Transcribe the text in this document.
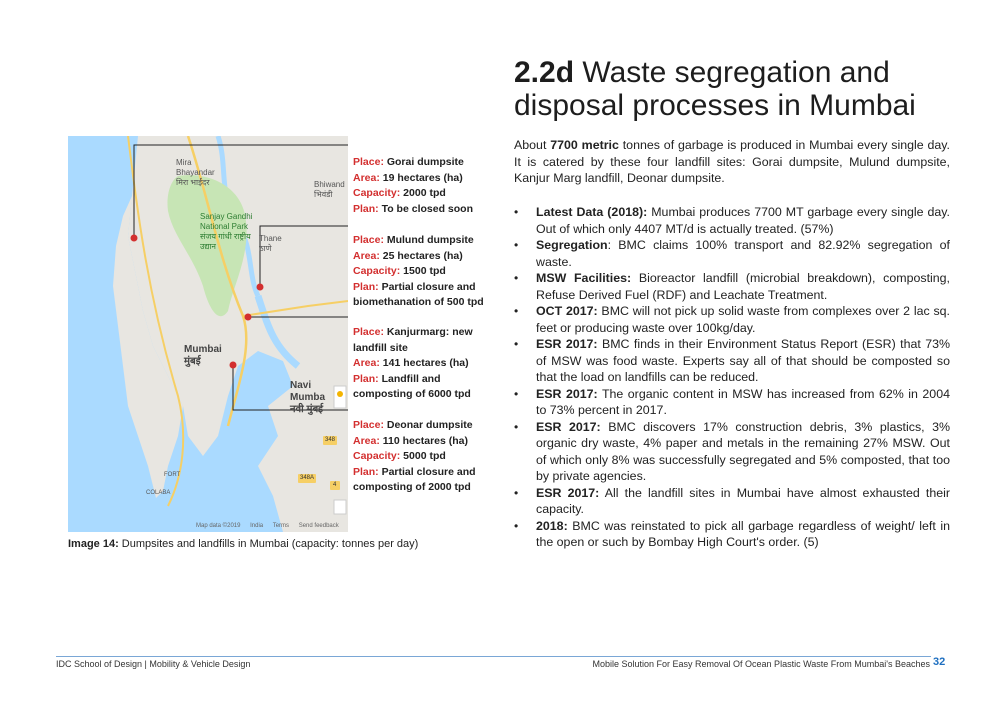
2.2d Waste segregation and disposal processes in Mumbai

About 7700 metric tonnes of garbage is produced in Mumbai every single day. It is catered by these four landfill sites: Gorai dumpsite, Mulund dumpsite, Kanjur Marg landfill, Deonar dumpsite.

• Latest Data (2018): Mumbai produces 7700 MT garbage every single day. Out of which only 4407 MT/d is actually treated. (57%)
• Segregation: BMC claims 100% transport and 82.92% segregation of waste.
• MSW Facilities: Bioreactor landfill (microbial breakdown), composting, Refuse Derived Fuel (RDF) and Leachate Treatment.
• OCT 2017: BMC will not pick up solid waste from complexes over 2 lac sq. feet or producing waste over 100kg/day.
• ESR 2017: BMC finds in their Environment Status Report (ESR) that 73% of MSW was food waste. Experts say all of that should be composted so that the load on landfills can be reduced.
• ESR 2017: The organic content in MSW has increased from 62% in 2004 to 73% percent in 2017.
• ESR 2017: BMC discovers 17% construction debris, 3% plastics, 3% organic dry waste, 4% paper and metals in the remaining 27% MSW. Out of which only 8% was successfully segregated and 5% composted, that too by private agencies.
• ESR 2017: All the landfill sites in Mumbai have almost exhausted their capacity.
• 2018: BMC was reinstated to pick all garbage regardless of weight/ left in the open or such by Bombay High Court's order. (5)
Mira Bhayandar
मिरा भाईंदर
Sanjay Gandhi National Park
संजय गांधी राष्ट्रीय उद्यान
Thane
ठाणे
Bhiwand
भिवंडी
Mumbai
मुंबई
Navi Mumba
नवी मुंबई
FORT
COLABA
348
348A
4
Map data ©2019 India Terms Send feedback
Place: Gorai dumpsite
Area: 19 hectares (ha)
Capacity: 2000 tpd
Plan: To be closed soon
Place: Mulund dumpsite
Area: 25 hectares (ha)
Capacity: 1500 tpd
Plan: Partial closure and biomethanation of 500 tpd
Place: Kanjurmarg: new landfill site
Area: 141 hectares (ha)
Plan: Landfill and composting of 6000 tpd
Place: Deonar dumpsite
Area: 110 hectares (ha)
Capacity: 5000 tpd
Plan: Partial closure and composting of 2000 tpd

Image 14: Dumpsites and landfills in Mumbai (capacity: tonnes per day)

IDC School of Design | Mobility & Vehicle Design	Mobile Solution For Easy Removal Of Ocean Plastic Waste From Mumbai's Beaches 32
